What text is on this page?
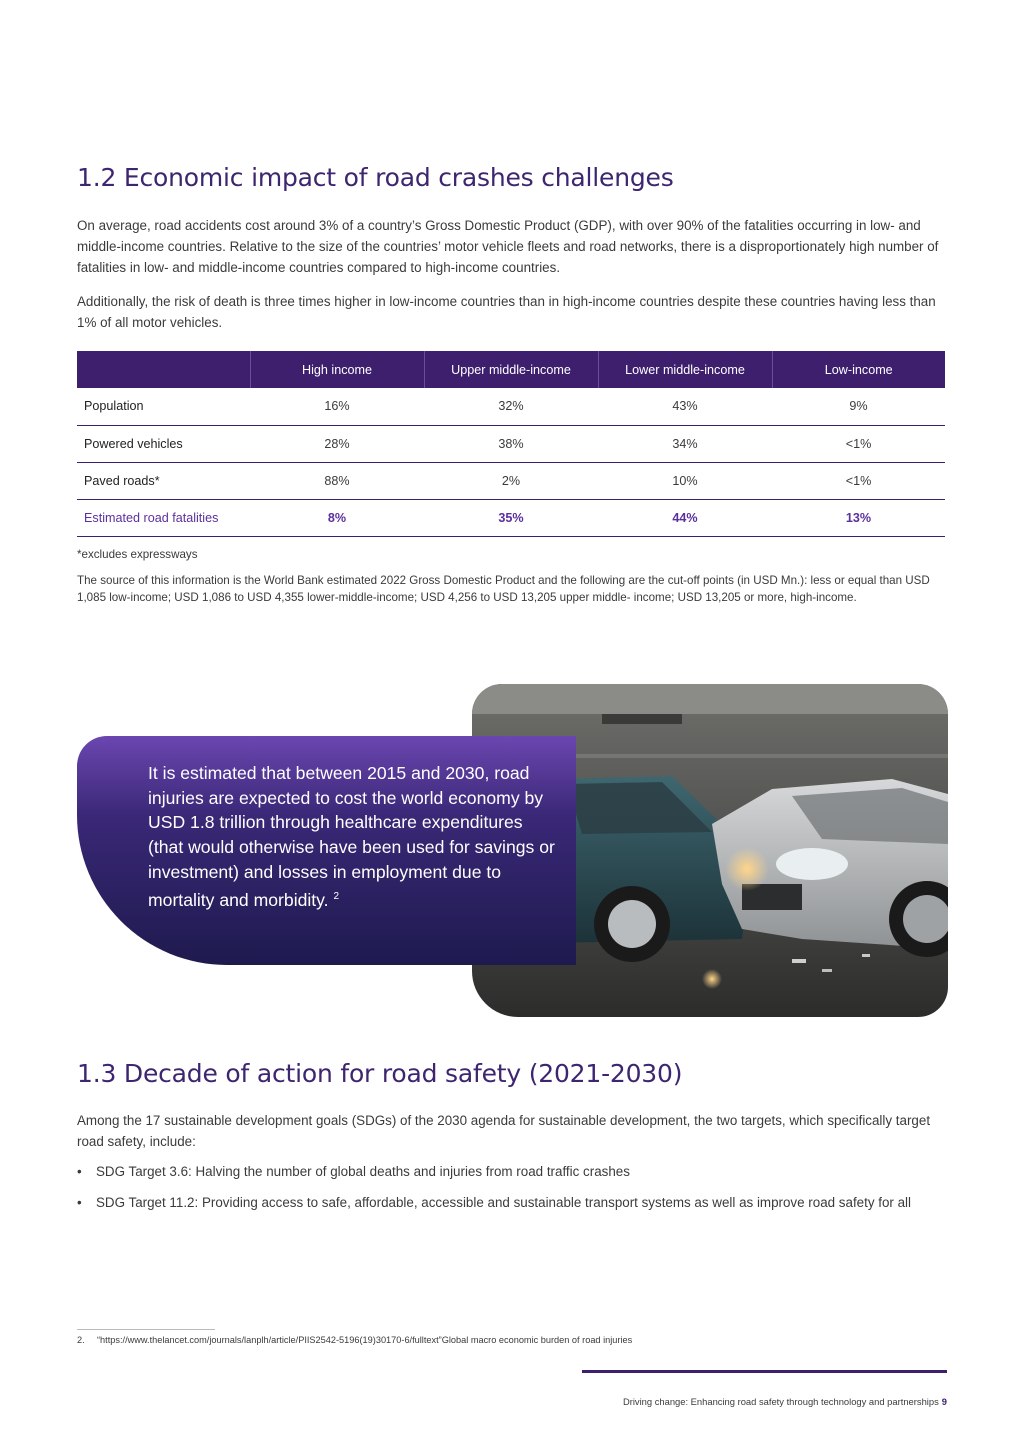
1.2 Economic impact of road crashes challenges

On average, road accidents cost around 3% of a country’s Gross Domestic Product (GDP), with over 90% of the fatalities occurring in low- and middle-income countries. Relative to the size of the countries’ motor vehicle fleets and road networks, there is a disproportionately high number of fatalities in low- and middle-income countries compared to high-income countries.

Additionally, the risk of death is three times higher in low-income countries than in high-income countries despite these countries having less than 1% of all motor vehicles.

	High income	Upper middle-income	Lower middle-income	Low-income
Population	16%	32%	43%	9%
Powered vehicles	28%	38%	34%	<1%
Paved roads*	88%	2%	10%	<1%
Estimated road fatalities	8%	35%	44%	13%

*excludes expressways

The source of this information is the World Bank estimated 2022 Gross Domestic Product and the following are the cut-off points (in USD Mn.): less or equal than USD 1,085 low-income; USD 1,086 to USD 4,355 lower-middle-income; USD 4,256 to USD 13,205 upper middle- income; USD 13,205 or more, high-income.

It is estimated that between 2015 and 2030, road injuries are expected to cost the world economy by USD 1.8 trillion through healthcare expenditures (that would otherwise have been used for savings or investment) and losses in employment due to mortality and morbidity. $^2$

1.3 Decade of action for road safety (2021-2030)

Among the 17 sustainable development goals (SDGs) of the 2030 agenda for sustainable development, the two targets, which specifically target road safety, include:

• SDG Target 3.6: Halving the number of global deaths and injuries from road traffic crashes
• SDG Target 11.2: Providing access to safe, affordable, accessible and sustainable transport systems as well as improve road safety for all

2. “https://www.thelancet.com/journals/lanplh/article/PIIS2542-5196(19)30170-6/fulltext”Global macro economic burden of road injuries

Driving change: Enhancing road safety through technology and partnerships 9
